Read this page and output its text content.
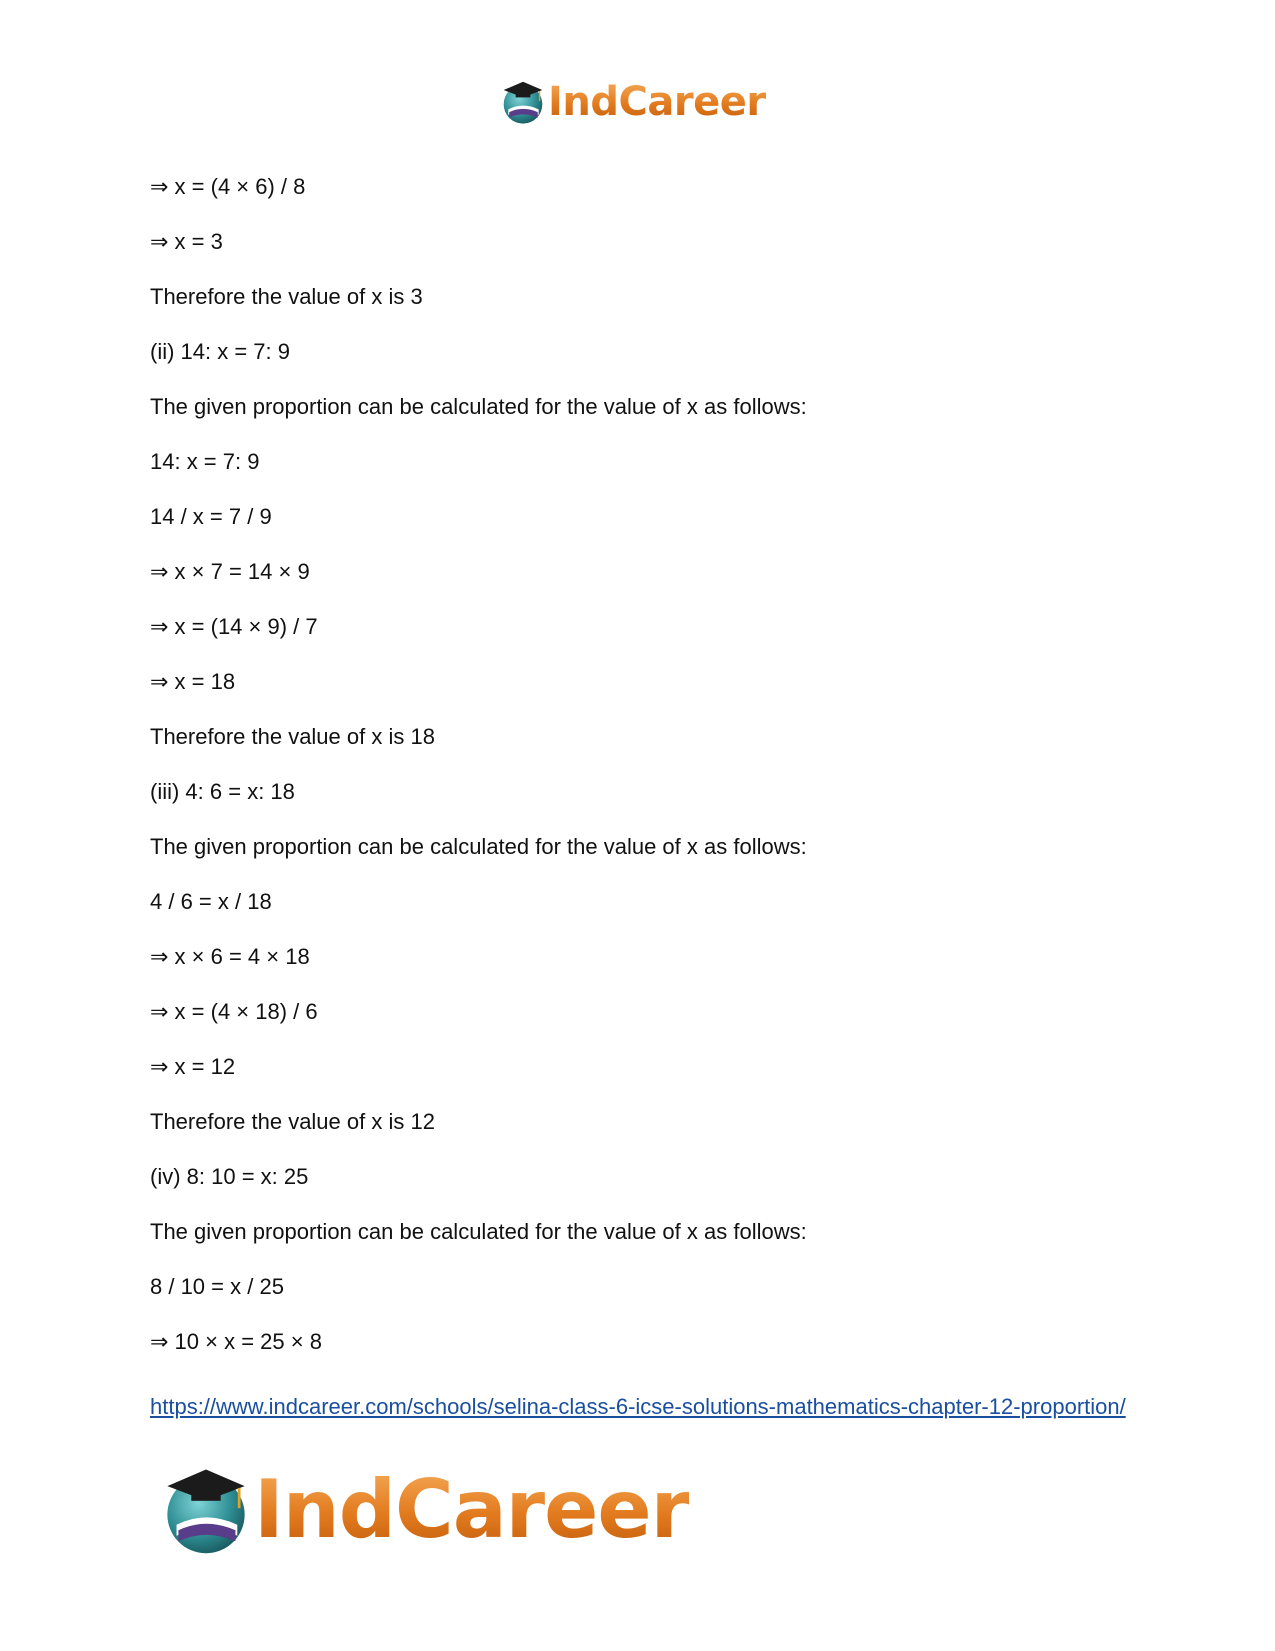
IndCareer
⇒ x = (4 × 6) / 8
⇒ x = 3
Therefore the value of x is 3
(ii) 14: x = 7: 9
The given proportion can be calculated for the value of x as follows:
14: x = 7: 9
14 / x = 7 / 9
⇒ x × 7 = 14 × 9
⇒ x = (14 × 9) / 7
⇒ x = 18
Therefore the value of x is 18
(iii) 4: 6 = x: 18
The given proportion can be calculated for the value of x as follows:
4 / 6 = x / 18
⇒ x × 6 = 4 × 18
⇒ x = (4 × 18) / 6
⇒ x = 12
Therefore the value of x is 12
(iv) 8: 10 = x: 25
The given proportion can be calculated for the value of x as follows:
8 / 10 = x / 25
⇒ 10 × x = 25 × 8
https://www.indcareer.com/schools/selina-class-6-icse-solutions-mathematics-chapter-12-proportion/
IndCareer
